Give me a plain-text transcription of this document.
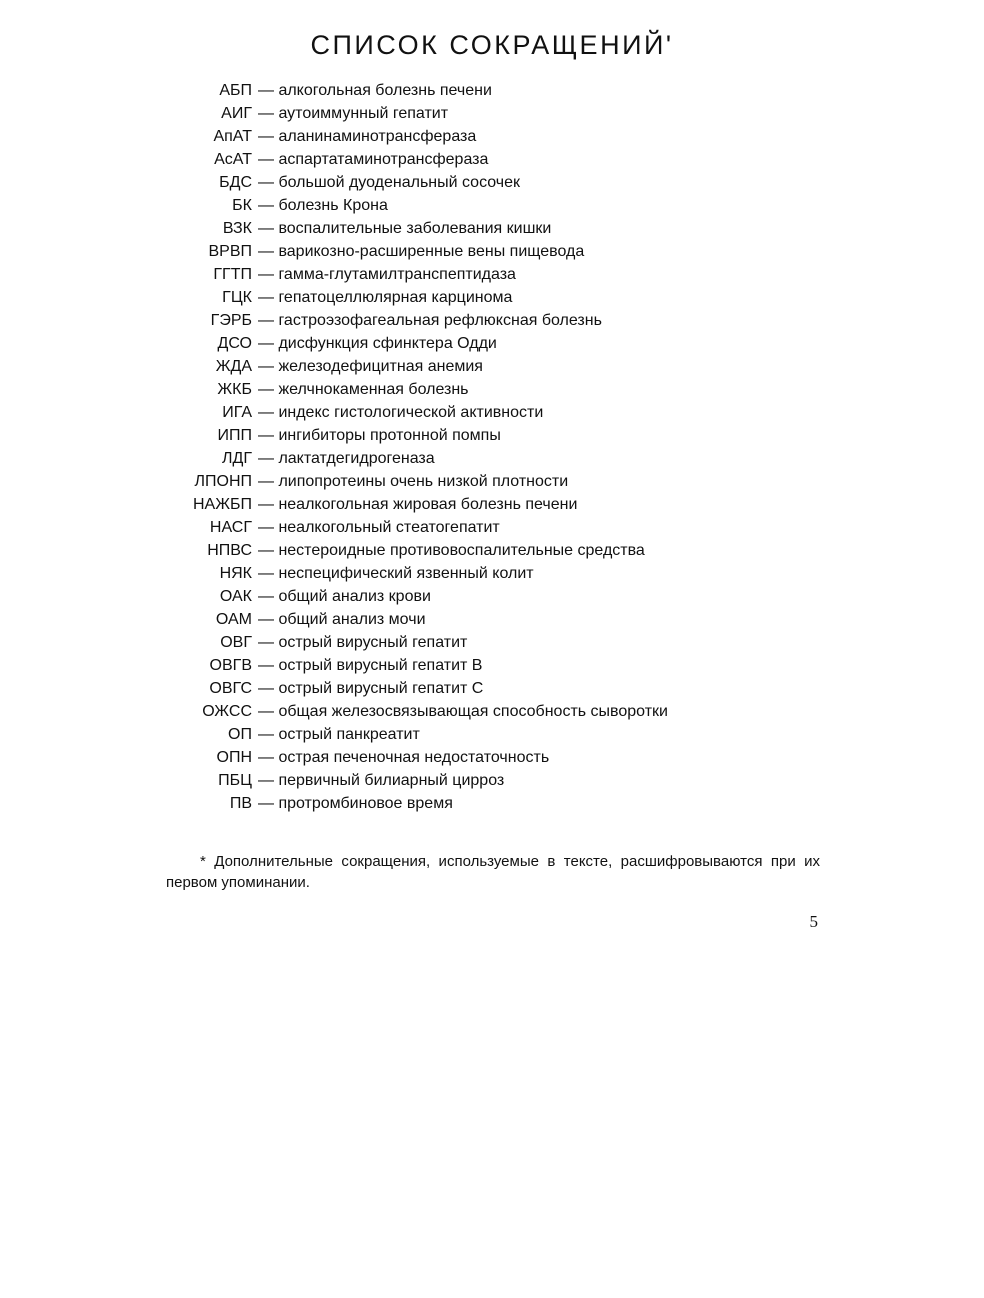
СПИСОК СОКРАЩЕНИЙ'
АБП — алкогольная болезнь печени
АИГ — аутоиммунный гепатит
АпАТ — аланинаминотрансфераза
АсАТ — аспартатаминотрансфераза
БДС — большой дуоденальный сосочек
БК — болезнь Крона
ВЗК — воспалительные заболевания кишки
ВРВП — варикозно-расширенные вены пищевода
ГГТП — гамма-глутамилтранспептидаза
ГЦК — гепатоцеллюлярная карцинома
ГЭРБ — гастроэзофагеальная рефлюксная болезнь
ДСО — дисфункция сфинктера Одди
ЖДА — железодефицитная анемия
ЖКБ — желчнокаменная болезнь
ИГА — индекс гистологической активности
ИПП — ингибиторы протонной помпы
ЛДГ — лактатдегидрогеназа
ЛПОНП — липопротеины очень низкой плотности
НАЖБП — неалкогольная жировая болезнь печени
НАСГ — неалкогольный стеатогепатит
НПВС — нестероидные противовоспалительные средства
НЯК — неспецифический язвенный колит
ОАК — общий анализ крови
ОАМ — общий анализ мочи
ОВГ — острый вирусный гепатит
ОВГВ — острый вирусный гепатит В
ОВГС — острый вирусный гепатит С
ОЖСС — общая железосвязывающая способность сыворотки
ОП — острый панкреатит
ОПН — острая печеночная недостаточность
ПБЦ — первичный билиарный цирроз
ПВ — протромбиновое время

* Дополнительные сокращения, используемые в тексте, расшифровываются при их первом упоминании.

5
